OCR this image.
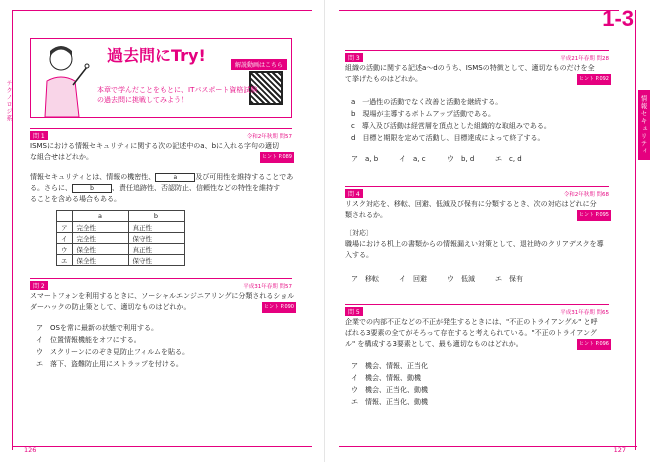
テクノロジ系
過去問にTry!
解説動画はこちら
本章で学んだことをもとに、ITパスポート資格試験
の過去問に挑戦してみよう！
問 1	令和2年秋期 問57
ISMSにおける情報セキュリティに関する次の記述中のa、bに入れる字句の適切
な組合せはどれか。	ヒント P.089
情報セキュリティとは、情報の機密性、	a	及び可用性を維持することであ
る。さらに、	b	、責任追跡性、否認防止、信頼性などの特性を維持す
ることを含める場合もある。
	a	b
ア	完全性	真正性
イ	完全性	保守性
ウ	保全性	真正性
エ	保全性	保守性
問 2	平成31年春期 問57
スマートフォンを利用するときに、ソーシャルエンジニアリングに分類されるショル
ダーハックの防止策として、適切なものはどれか。	ヒント P.090
ア　OSを常に最新の状態で利用する。
イ　位置情報機能をオフにする。
ウ　スクリーンにのぞき見防止フィルムを貼る。
エ　落下、盗難防止用にストラップを付ける。
126
1-3
情報セキュリティ
問 3	平成21年春期 問28
組織の活動に関する記述a〜dのうち、ISMSの特徴として、適切なものだけを全
て挙げたものはどれか。	ヒント P.092
a　一過性の活動でなく改善と活動を継続する。
b　現場が主導するボトムアップ活動である。
c　導入及び活動は経営層を頂点とした組織的な取組みである。
d　目標と期限を定めて活動し、目標達成によって終了する。
ア　a, b	イ　a, c	ウ　b, d	エ　c, d
問 4	令和2年秋期 問68
リスク対応を、移転、回避、低減及び保有に分類するとき、次の対応はどれに分
類されるか。	ヒント P.095
〔対応〕
職場における机上の書類からの情報漏えい対策として、退社時のクリアデスクを導
入する。
ア　移転	イ　回避	ウ　低減	エ　保有
問 5	平成31年春期 問65
企業での内部不正などの不正が発生するときには、"不正のトライアングル" と呼
ばれる3要素の全てがそろって存在すると考えられている。"不正のトライアング
ル" を構成する3要素として、最も適切なものはどれか。	ヒント P.096
ア　機会、情報、正当化
イ　機会、情報、動機
ウ　機会、正当化、動機
エ　情報、正当化、動機
127
